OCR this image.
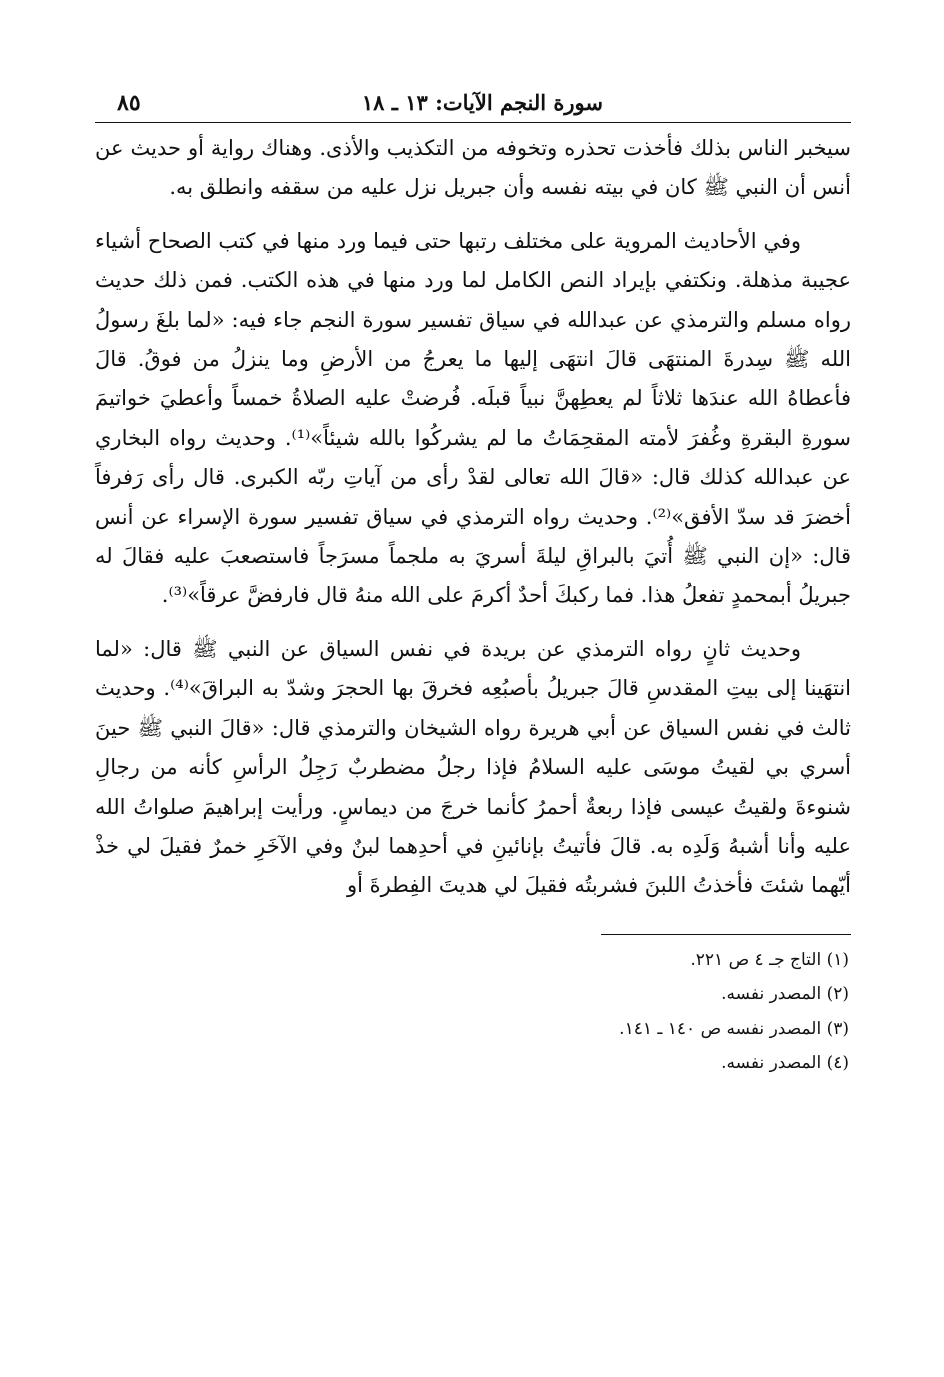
سورة النجم الآيات: ١٣ ـ ١٨
٨٥

سيخبر الناس بذلك فأخذت تحذره وتخوفه من التكذيب والأذى. وهناك رواية أو حديث عن أنس أن النبي ﷺ كان في بيته نفسه وأن جبريل نزل عليه من سقفه وانطلق به.

وفي الأحاديث المروية على مختلف رتبها حتى فيما ورد منها في كتب الصحاح أشياء عجيبة مذهلة. ونكتفي بإيراد النص الكامل لما ورد منها في هذه الكتب. فمن ذلك حديث رواه مسلم والترمذي عن عبدالله في سياق تفسير سورة النجم جاء فيه: «لما بلغَ رسولُ الله ﷺ سِدرةَ المنتهَى قالَ انتهَى إليها ما يعرجُ من الأرضِ وما ينزلُ من فوقُ. قالَ فأعطاهُ الله عندَها ثلاثاً لم يعطِهنَّ نبياً قبلَه. فُرضتْ عليه الصلاةُ خمساً وأعطيَ خواتيمَ سورةِ البقرةِ وغُفرَ لأمته المقحِمَاتُ ما لم يشركُوا بالله شيئاً»⁽¹⁾. وحديث رواه البخاري عن عبدالله كذلك قال: «قالَ الله تعالى لقدْ رأى من آياتِ ربّه الكبرى. قال رأى رَفرفاً أخضرَ قد سدّ الأفق»⁽²⁾. وحديث رواه الترمذي في سياق تفسير سورة الإسراء عن أنس قال: «إن النبي ﷺ أُتيَ بالبراقِ ليلةَ أسريَ به ملجماً مسرَجاً فاستصعبَ عليه فقالَ له جبريلُ أبمحمدٍ تفعلُ هذا. فما ركبكَ أحدٌ أكرمَ على الله منهُ قال فارفضَّ عرقاً»⁽³⁾.

وحديث ثانٍ رواه الترمذي عن بريدة في نفس السياق عن النبي ﷺ قال: «لما انتهَينا إلى بيتِ المقدسِ قالَ جبريلُ بأصبُعِه فخرقَ بها الحجرَ وشدّ به البراقَ»⁽⁴⁾. وحديث ثالث في نفس السياق عن أبي هريرة رواه الشيخان والترمذي قال: «قالَ النبي ﷺ حينَ أسري بي لقيتُ موسَى عليه السلامُ فإذا رجلُ مضطربٌ رَجِلُ الرأسِ كأنه من رجالِ شنوءةَ ولقيتُ عيسى فإذا ربعةٌ أحمرُ كأنما خرجَ من ديماسٍ. ورأيت إبراهيمَ صلواتُ الله عليه وأنا أشبهُ وَلَدِه به. قالَ فأتيتُ بإنائينِ في أحدِهما لبنٌ وفي الآخَرِ خمرٌ فقيلَ لي خذْ أيّهما شئتَ فأخذتُ اللبنَ فشربتُه فقيلَ لي هديتَ الفِطرةَ أو

(١) التاج جـ ٤ ص ٢٢١.
(٢) المصدر نفسه.
(٣) المصدر نفسه ص ١٤٠ ـ ١٤١.
(٤) المصدر نفسه.
